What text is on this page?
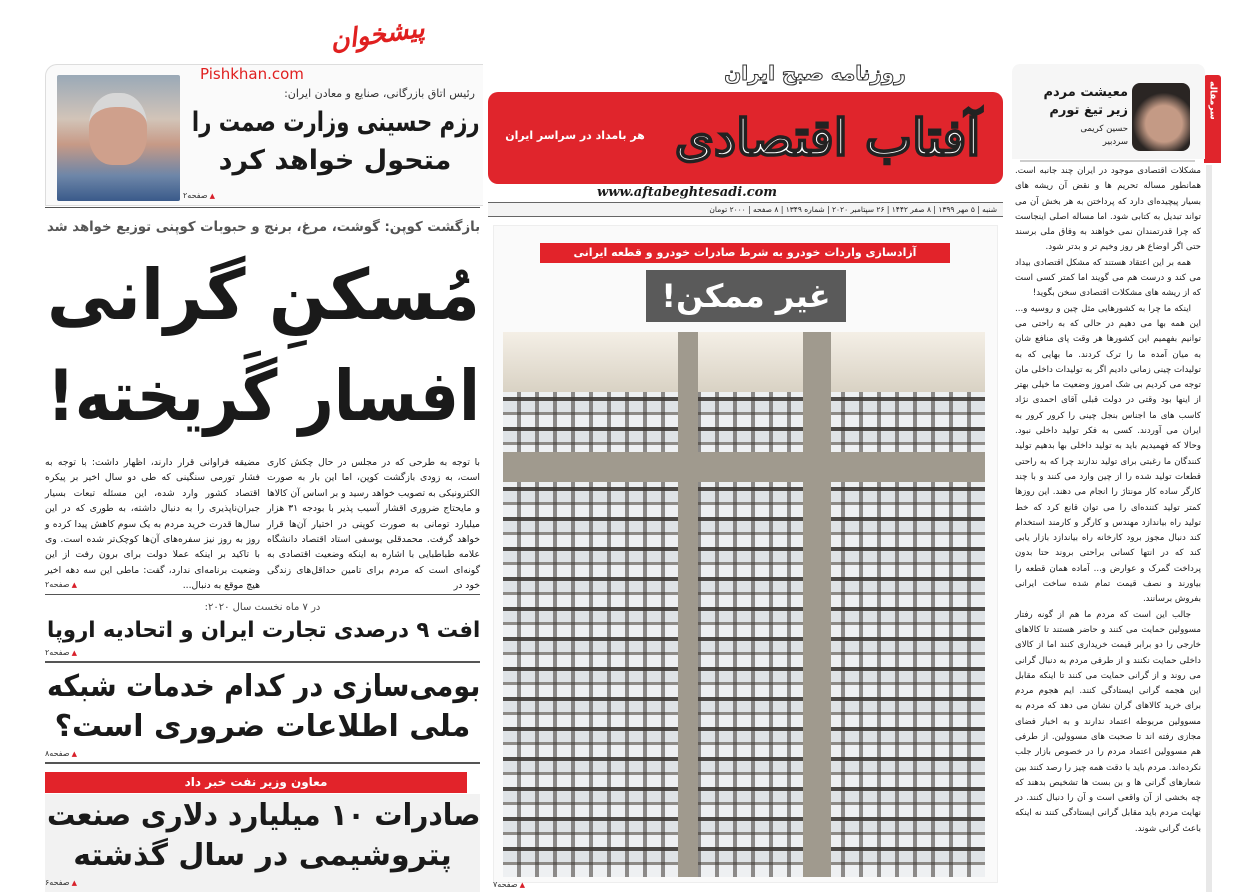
پیشخوان
Pishkhan.com
رئیس اتاق بازرگانی، صنایع و معادن ایران:
رزم حسینی وزارت صمت را
متحول خواهد کرد
▲ صفحه۲
بازگشت کوپن: گوشت، مرغ، برنج و حبوبات کوپنی توزیع خواهد شد
مُسکنِ گرانی
افسار گَریخته!
با توجه به طرحی که در مجلس در حال چکش کاری است، به زودی بازگشت کوپن، اما این بار به صورت الکترونیکی به تصویب خواهد رسید و بر اساس آن کالاها و مایحتاج ضروری اقشار آسیب پذیر با بودجه ۳۱ هزار میلیارد تومانی به صورت کوپنی در اختیار آن‌ها قرار خواهد گرفت. محمدقلی یوسفی استاد اقتصاد دانشگاه علامه طباطبایی با اشاره به اینکه وضعیت اقتصادی به گونه‌ای است که مردم برای تامین حداقل‌های زندگی خود در
مضیقه فراوانی قرار دارند، اظهار داشت: با توجه به فشار تورمی سنگینی که طی دو سال اخیر بر پیکره اقتصاد کشور وارد شده، این مسئله تبعات بسیار جبران‌ناپذیری را به دنبال داشته، به طوری که در این سال‌ها قدرت خرید مردم به یک سوم کاهش پیدا کرده و روز به روز نیز سفره‌های آن‌ها کوچک‌تر شده است. وی با تاکید بر اینکه عملا دولت برای برون رفت از این وضعیت برنامه‌ای ندارد، گفت: ماطی این سه دهه اخیر هیچ موقع به دنبال...
▲ صفحه۲
در ۷ ماه نخست سال ۲۰۲۰:
افت ۹ درصدی تجارت ایران و اتحادیه اروپا
▲ صفحه۲
بومی‌سازی در کدام خدمات شبکه
ملی اطلاعات ضروری است؟
▲ صفحه۸
معاون وزیر نفت خبر داد
صادرات ۱۰ میلیارد دلاری صنعت
پتروشیمی در سال گذشته
▲ صفحه۶
روزنامه صبح ایران
آفتاب اقتصادی
هر بامداد در سراسر ایران
www.aftabeghtesadi.com
شنبه | ۵ مهر ۱۳۹۹ | ۸ صفر ۱۴۴۲ | ۲۶ سپتامبر ۲۰۲۰ | شماره ۱۳۴۹ | ۸ صفحه | ۲۰۰۰ تومان
آزادسازی واردات خودرو به شرط صادرات خودرو و قطعه ایرانی
غیر ممکن!
▲ صفحه۷
سرمقاله
معیشت مردم
زیر تیغ تورم
حسین کریمی
سردبیر

مشکلات اقتصادی موجود در ایران چند جانبه است. همانطور مساله تحریم ها و نقض آن ریشه های بسیار پیچیده‌ای دارد که پرداختن به هر بخش آن می تواند تبدیل به کتابی شود. اما مساله اصلی اینجاست که چرا قدرتمندان نمی خواهند به وفاق ملی برسند حتی اگر اوضاع هر روز وخیم تر و بدتر شود.

همه بر این اعتقاد هستند که مشکل اقتصادی بیداد می کند و درست هم می گویند اما کمتر کسی است که از ریشه های مشکلات اقتصادی سخن بگوید!

اینکه ما چرا به کشورهایی مثل چین و روسیه و... این همه بها می دهیم در حالی که به راحتی می توانیم بفهمیم این کشورها هر وقت پای منافع شان به میان آمده ما را ترک کردند. ما بهایی که به تولیدات چینی زمانی دادیم اگر به تولیدات داخلی مان توجه می کردیم بی شک امروز وضعیت ما خیلی بهتر از اینها بود وقتی در دولت قبلی آقای احمدی نژاد کاسب های ما اجناس بنجل چینی را کرور کرور به ایران می آوردند. کسی به فکر تولید داخلی نبود. وحالا که فهمیدیم باید به تولید داخلی بها بدهیم تولید کنندگان ما رغبتی برای تولید ندارند چرا که به راحتی قطعات تولید شده را از چین وارد می کنند و با چند کارگر ساده کار مونتاژ را انجام می دهند. این روزها کمتر تولید کننده‌ای را می توان قانع کرد که خط تولید راه بیاندازد مهندس و کارگر و کارمند استخدام کند دنبال مجوز برود کارخانه راه بیاندازد بازار یابی کند که در انتها کسانی براحتی بروند حتا بدون پرداخت گمرک و عوارض و... آماده همان قطعه را بیاورند و نصف قیمت تمام شده ساخت ایرانی بفروش برسانند.

جالب این است که مردم ما هم از گونه رفتار مسوولین حمایت می کنند و حاضر هستند تا کالاهای خارجی را دو برابر قیمت خریداری کنند اما از کالای داخلی حمایت نکنند و از طرفی مردم به دنبال گرانی می روند و از گرانی حمایت می کنند تا اینکه مقابل این هجمه گرانی ایستادگی کنند. ایم هجوم مردم برای خرید کالاهای گران نشان می دهد که مردم به مسوولین مربوطه اعتماد ندارند و به اخبار فضای مجازی رفته اند تا صحبت های مسوولین. از طرفی هم مسوولین اعتماد مردم را در خصوص بازار جلب نکرده‌اند. مردم باید با دقت همه چیز را رصد کنند بین شعارهای گرانی ها و بن بست ها تشخیص بدهند که چه بخشی از آن واقعی است و آن را دنبال کنند. در نهایت مردم باید مقابل گرانی ایستادگی کنند نه اینکه باعث گرانی شوند.
